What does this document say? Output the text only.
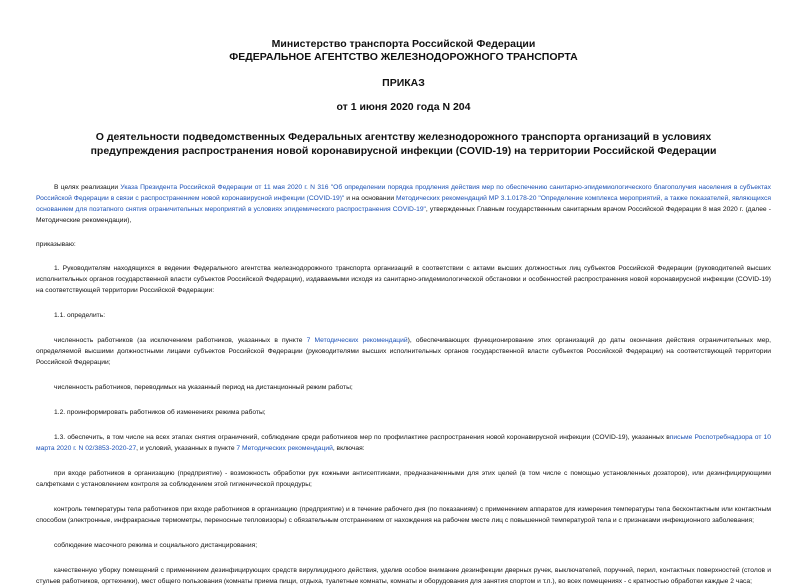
Министерство транспорта Российской Федерации
ФЕДЕРАЛЬНОЕ АГЕНТСТВО ЖЕЛЕЗНОДОРОЖНОГО ТРАНСПОРТА
ПРИКАЗ
от 1 июня 2020 года N 204
О деятельности подведомственных Федеральных агентству железнодорожного транспорта организаций в условиях предупреждения распространения новой коронавирусной инфекции (COVID-19) на территории Российской Федерации

В целях реализации Указа Президента Российской Федерации от 11 мая 2020 г. N 316 "Об определении порядка продления действия мер по обеспечению санитарно-эпидемиологического благополучия населения в субъектах Российской Федерации в связи с распространением новой коронавирусной инфекции (COVID-19)" и на основании Методических рекомендаций МР 3.1.0178-20 "Определение комплекса мероприятий, а также показателей, являющихся основанием для поэтапного снятия ограничительных мероприятий в условиях эпидемического распространения COVID-19", утвержденных Главным государственным санитарным врачом Российской Федерации 8 мая 2020 г. (далее - Методические рекомендации),

приказываю:

1. Руководителям находящихся в ведении Федерального агентства железнодорожного транспорта организаций в соответствии с актами высших должностных лиц субъектов Российской Федерации (руководителей высших исполнительных органов государственной власти субъектов Российской Федерации), издаваемыми исходя из санитарно-эпидемиологической обстановки и особенностей распространения новой коронавирусной инфекции (COVID-19) на соответствующей территории Российской Федерации:

1.1. определить:

численность работников (за исключением работников, указанных в пункте 7 Методических рекомендаций), обеспечивающих функционирование этих организаций до даты окончания действия ограничительных мер, определяемой высшими должностными лицами субъектов Российской Федерации (руководителями высших исполнительных органов государственной власти субъектов Российской Федерации) на соответствующей территории Российской Федерации;

численность работников, переводимых на указанный период на дистанционный режим работы;

1.2. проинформировать работников об изменениях режима работы;

1.3. обеспечить, в том числе на всех этапах снятия ограничений, соблюдение среди работников мер по профилактике распространения новой коронавирусной инфекции (COVID-19), указанных вписьме Роспотребнадзора от 10 марта 2020 г. N 02/3853-2020-27, и условий, указанных в пункте 7 Методических рекомендаций, включая:

при входе работников в организацию (предприятие) - возможность обработки рук кожными антисептиками, предназначенными для этих целей (в том числе с помощью установленных дозаторов), или дезинфицирующими салфетками с установлением контроля за соблюдением этой гигиенической процедуры;

контроль температуры тела работников при входе работников в организацию (предприятие) и в течение рабочего дня (по показаниям) с применением аппаратов для измерения температуры тела бесконтактным или контактным способом (электронные, инфракрасные термометры, переносные тепловизоры) с обязательным отстранением от нахождения на рабочем месте лиц с повышенной температурой тела и с признаками инфекционного заболевания;

соблюдение масочного режима и социального дистанцирования;

качественную уборку помещений с применением дезинфицирующих средств вирулицидного действия, уделив особое внимание дезинфекции дверных ручек, выключателей, поручней, перил, контактных поверхностей (столов и стульев работников, оргтехники), мест общего пользования (комнаты приема пищи, отдыха, туалетные комнаты, комнаты и оборудования для занятия спортом и т.п.), во всех помещениях - с кратностью обработки каждые 2 часа;
